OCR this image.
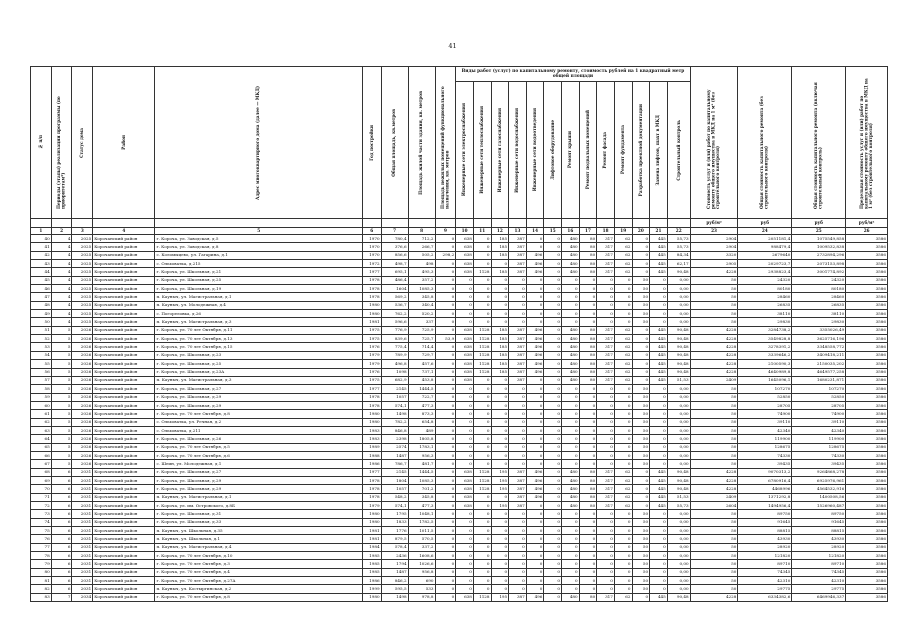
41
№ п/п	Периоды (этапы) реализации программы (по приоритетам*)	Статус дома	Район	Адрес многоквартирного дома (далее — МКД)	Год постройки	Общая площадь, кв.метров	Площадь жилой части здания, кв. метров	Площадь нежилых помещений функционального назначения, кв. метров	Виды работ (услуг) по капитальному ремонту, стоимость рублей на 1 квадратный метр общей площади													Стоимость услуг и (или) работ по капитальному ремонту общего имущества в МКД на 1 м² (без строительного контроля)	Общая стоимость капитального ремонта (без строительного контроля)	Общая стоимость капитального ремонта (включая строительный контроль)	Предельная стоимость услуг и (или) работ по капитальному ремонту общего имущества в МКД на 1 м² (без строительного контроля)

									Инженерные сети электроснабжения	Инженерные сети теплоснабжения	Инженерные сети газоснабжения	Инженерные сети водоснабжения	Инженерные сети водоотведения	Лифтовое оборудование	Ремонт крыши	Ремонт подвальных помещений	Ремонт фасада	Ремонт фундамента	Разработка проектной документации	Замена лифтов, шахт в МКД	Строительный контроль				

																						руб/м²	руб	руб	руб/м²
1	2	3	4	5	6	7	8	9	10	11	12	13	14	15	16	17	18	19	20	21	22	23	24	25	26
40	4	2025	Корочанский район	г. Короча, ул. Заводская, д.5	1970	780,4	712,2	0	638	0	185	387	0	0	480	80	317	62	0	445	55,73	2904	2051181,4	1075549,858	3586
41	4	2025	Корочанский район	г. Короча, ул. Заводская, д.8	1970	376,6	266,7	0	638	0	185	387	0	0	480	80	317	62	0	445	55,73	2904	988479,4	1009532,838	3586
42	4	2025	Корочанский район	с. Коломыцево, ул. Гагарина, д.1	1970	856,6	505,2	298,2	638	0	185	387	496	0	480	80	317	62	0	445	84,34	3320	2679640	2732894,296	3586
43	4	2025	Корочанский район	с. Ольховатка, д.215	1972	498,7	498	0	638	0	0	387	496	0	480	80	317	62	0	445	62,17	2905	2029723,7	2073153,898	3586
44	4	2025	Корочанский район	г. Короча, ул. Школьная, д.21	1977	695,1	495,3	0	638	1128	185	387	496	0	480	80	317	62	0	445	90,48	4228	2938823,4	3001774,892	3586
45	4	2025	Корочанский район	г. Короча, ул. Школьная, д.25	1978	486,4	357,2	0	0	0	0	0	0	0	0	0	0	0	50	0	0,00	50	24320	24320	3586
46	4	2025	Корочанский район	г. Короча, ул. Школьная, д.19	1978	1604	1085,3	0	0	0	0	0	0	0	0	0	0	0	50	0	0,00	50	80180	80180	3586
47	4	2025	Корочанский район	п. Кауныч, ул. Магистральная, д.1	1978	569,2	345,8	0	0	0	0	0	0	0	0	0	0	0	50	0	0,00	50	28460	28460	3586
48	4	2025	Корочанский район	п. Кауныч, ул. Молодежная, д.4	1980	536,7	340,4	0	0	0	0	0	0	0	0	0	0	0	50	0	0,00	50	26835	26835	3586
49	4	2025	Корочанский район	с. Погореловка, д.26	1980	762,2	520,2	0	0	0	0	0	0	0	0	0	0	0	50	0	0,00	50	38110	38110	3586
50	4	2025	Корочанский район	п. Кауныч, ул. Магистральная, д.3	1981	596,6	337	0	0	0	0	0	0	0	0	0	0	0	50	0	0,00	50	29830	29830	3586
51	5	2026	Корочанский район	г. Короча, ул. 70 лет Октября, д.11	1975	776,9	725,9	0	638	1128	185	387	496	0	480	80	317	62	0	445	90,48	4228	3284738,2	3355026,49	3586
52	5	2026	Корочанский район	г. Короча, ул. 70 лет Октября, д.13	1975	839,6	725,7	53,9	638	1128	185	387	496	0	480	80	317	62	0	445	90,48	4228	3549828,8	3625716,196	3586
53	5	2026	Корочанский район	г. Короча, ул. 70 лет Октября, д.15	1976	775,4	714,4	0	638	1128	185	387	496	0	480	80	317	62	0	445	90,48	4228	3278391,2	3348558,772	3586
54	5	2026	Корочанский район	г. Короча, ул. Школьная, д.23	1979	789,9	729,7	0	638	1128	185	387	496	0	480	80	317	62	0	445	90,48	4228	3339646,2	3409418,211	3586
55	5	2026	Корочанский район	г. Короча, ул. Школьная, д.25	1979	496,8	457,6	0	638	1128	185	387	496	0	480	80	317	62	0	445	90,48	4228	2100590,3	2150035,202	3586
56	5	2026	Корочанский район	г. Короча, ул. Школьная, д.23А	1976	1098	737,1	0	638	1128	185	387	496	0	480	80	317	62	0	445	90,48	4228	4640989,8	4649577,258	3586
57	5	2026	Корочанский район	п. Кауныч, ул. Магистральная, д.3	1975	682,9	453,8	0	638	0	0	387	0	0	480	80	317	62	0	445	51,53	2409	1645096,1	1680231,871	3586
58	5	2026	Корочанский район	г. Короча, ул. Школьная, д.27	1977	2145	1444,5	0	0	0	0	0	0	0	0	0	0	0	50	0	0,00	50	107270	107270	3586
59	5	2026	Корочанский район	г. Короча, ул. Школьная, д.29	1978	1057	722,7	0	0	0	0	0	0	0	0	0	0	0	50	0	0,00	50	52850	52850	3586
60	5	2026	Корочанский район	г. Короча, ул. Школьная, д.29	1978	574,1	477,3	0	0	0	0	0	0	0	0	0	0	0	50	0	0,00	50	28705	28705	3586
61	5	2026	Корочанский район	г. Короча, ул. 70 лет Октября, д.8	1980	1498	873,3	0	0	0	0	0	0	0	0	0	0	0	50	0	0,00	50	74900	74900	3586
62	5	2026	Корочанский район	с. Ольховатка, ул. Речная, д.2	1980	782,2	654,8	0	0	0	0	0	0	0	0	0	0	0	50	0	0,00	50	39110	39110	3586
63	5	2026	Корочанский район	с. Ольховатка, д.211	1983	846,8	489	0	0	0	0	0	0	0	0	0	0	0	50	0	0,00	50	42340	42340	3586
64	5	2026	Корочанский район	г. Короча, ул. Школьная, д.26	1983	2398	1805,8	0	0	0	0	0	0	0	0	0	0	0	50	0	0,00	50	119900	119900	3586
65	5	2026	Корочанский район	г. Короча, ул. 70 лет Октября, д.5	1989	2574	1783,1	0	0	0	0	0	0	0	0	0	0	0	50	0	0,00	50	128675	128675	3586
66	5	2026	Корочанский район	г. Короча, ул. 70 лет Октября, д.6	1988	1487	956,3	0	0	0	0	0	0	0	0	0	0	0	50	0	0,00	50	74330	74330	3586
67	5	2026	Корочанский район	с. Шеин, ул. Молодежная, д.1	1986	786,7	481,7	0	0	0	0	0	0	0	0	0	0	0	50	0	0,00	50	39435	39435	3586
68	6	2031	Корочанский район	г. Короча, ул. Школьная, д.27	1977	2145	1444,5	0	638	1128	195	387	496	0	480	80	317	62	0	445	90,48	4228	9070313,2	9264868,278	3586
69	6	2031	Корочанский район	г. Короча, ул. Школьная, д.29	1978	1804	1085,3	0	638	1128	195	387	496	0	480	80	317	62	0	445	90,48	4228	6780916,4	6925976,961	3586
70	6	2031	Корочанский район	г. Короча, ул. Школьная, д.29	1978	1057	701,2	0	638	1128	195	387	496	0	480	80	317	62	0	445	90,48	4228	4468996	4564532,916	3586
71	6	2031	Корочанский район	п. Кауныч, ул. Магистральная, д.1	1978	548,2	345,8	0	638	0	0	387	496	0	480	80	317	62	0	445	51,53	2409	1371292,8	1400508,56	3586
72	6	2031	Корочанский район	г. Короча, ул. им. Островского, д.8Б	1979	574,1	477,3	0	638	0	195	387	0	0	480	80	317	62	0	445	55,73	2604	1494956,4	1526960,487	3586
73	6	2031	Корочанский район	г. Короча, ул. Школьная, д.31	1980	1795	1048,1	0	0	0	0	0	0	0	0	0	0	0	50	0	0,00	50	89750	89750	3586
74	6	2031	Корочанский район	г. Короча, ул. Школьная, д.33	1980	1833	1782,5	0	0	0	0	0	0	0	0	0	0	0	50	0	0,00	50	91645	91645	3586
75	6	2031	Корочанский район	п. Кауныч, ул. Школьная, д.35	1981	1776	1011,5	0	0	0	0	0	0	0	0	0	0	0	50	0	0,00	50	88815	88815	3586
76	6	2031	Корочанский район	п. Кауныч, ул. Школьная, д.1	1981	879,5	570,5	0	0	0	0	0	0	0	0	0	0	0	50	0	0,00	50	43930	43930	3586
77	6	2031	Корочанский район	п. Кауныч, ул. Магистральная, д.4	1984	578,4	337,2	0	0	0	0	0	0	0	0	0	0	0	50	0	0,00	50	28920	28920	3586
78	6	2031	Корочанский район	г. Короча, ул. 70 лет Октября, д.10	1985	2436	1608,6	0	0	0	0	0	0	0	0	0	0	0	50	0	0,00	50	121820	121820	3586
79	6	2031	Корочанский район	г. Короча, ул. 70 лет Октября, д.3	1985	1794	1026,6	0	0	0	0	0	0	0	0	0	0	0	50	0	0,00	50	89710	89710	3586
80	6	2031	Корочанский район	г. Короча, ул. 70 лет Октября, д.4	1985	1487	956,8	0	0	0	0	0	0	0	0	0	0	0	50	0	0,00	50	74345	74345	3586
81	6	2031	Корочанский район	г. Короча, ул. 70 лет Октября, д.27А	1986	846,2	690	0	0	0	0	0	0	0	0	0	0	0	50	0	0,00	50	42310	42310	3586
82	6	2031	Корочанский район	п. Кауныч, ул. Костыргинская, д.2	1999	595,5	533	0	0	0	0	0	0	0	0	0	0	0	50	0	0,00	50	29775	29775	3586
83	7	2034	Корочанский район	г. Короча, ул. 70 лет Октября, д.8	1980	1498	978,8	0	638	1128	195	387	496	0	480	80	317	62	0	445	90,48	4228	6334382,6	6469946,337	3586
